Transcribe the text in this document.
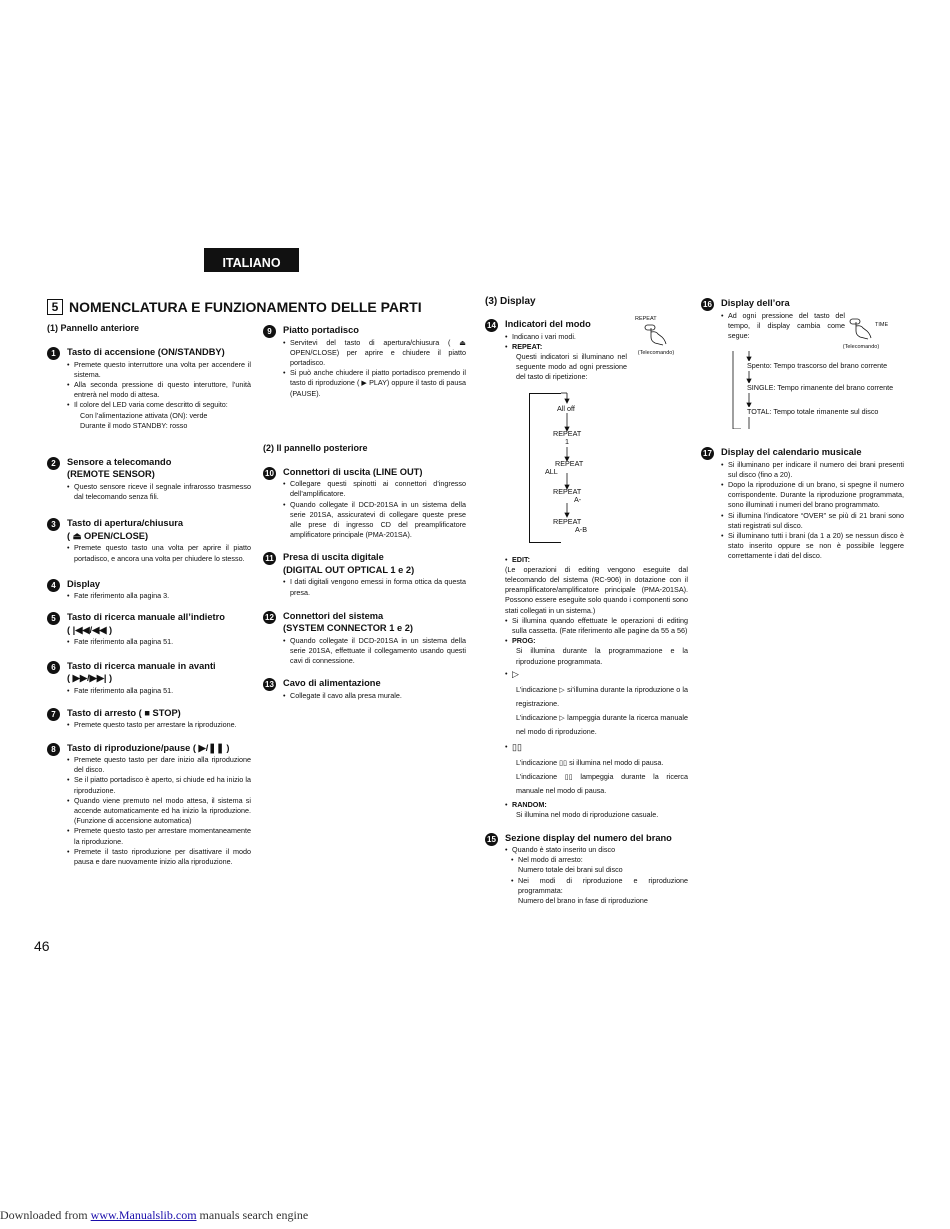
ITALIANO
5 NOMENCLATURA E FUNZIONAMENTO DELLE PARTI
(1) Pannello anteriore
1	Tasto di accensione (ON/STANDBY)
• Premete questo interruttore una volta per accendere il sistema.
• Alla seconda pressione di questo interuttore, l’unità entrerà nel modo di attesa.
• Il colore del LED varia come descritto di seguito:
Con l’alimentazione attivata (ON): verde
Durante il modo STANDBY: rosso
2	Sensore a telecomando
(REMOTE SENSOR)
• Questo sensore riceve il segnale infrarosso trasmesso dal telecomando senza fili.
3	Tasto di apertura/chiusura
( ⏏ OPEN/CLOSE)
• Premete questo tasto una volta per aprire il piatto portadisco, e ancora una volta per chiudere lo stesso.
4	Display
• Fate riferimento alla pagina 3.
5	Tasto di ricerca manuale all’indietro
( |◀◀/◀◀ )
• Fate riferimento alla pagina 51.
6	Tasto di ricerca manuale in avanti
( ▶▶/▶▶| )
• Fate riferimento alla pagina 51.
7	Tasto di arresto ( ■ STOP)
• Premete questo tasto per arrestare la riproduzione.
8	Tasto di riproduzione/pause ( ▶/❚❚ )
• Premete questo tasto per dare inizio alla riproduzione del disco.
• Se il piatto portadisco è aperto, si chiude ed ha inizio la riproduzione.
• Quando viene premuto nel modo attesa, il sistema si accende automaticamente ed ha inizio la riproduzione. (Funzione di accensione automatica)
• Premete questo tasto per arrestare momentaneamente la riproduzione.
• Premete il tasto riproduzione per disattivare il modo pausa e dare nuovamente inizio alla riproduzione.
9	Piatto portadisco
• Servitevi del tasto di apertura/chiusura ( ⏏ OPEN/CLOSE) per aprire e chiudere il piatto portadisco.
• Si può anche chiudere il piatto portadisco premendo il tasto di riproduzione ( ▶ PLAY) oppure il tasto di pausa (PAUSE).
(2) Il pannello posteriore
10 Connettori di uscita (LINE OUT)
• Collegare questi spinotti ai connettori d’ingresso dell’amplificatore.
• Quando collegate il DCD-201SA in un sistema della serie 201SA, assicuratevi di collegare queste prese alle prese di ingresso CD del preamplificatore amplificatore principale (PMA-201SA).
11 Presa di uscita digitale
(DIGITAL OUT OPTICAL 1 e 2)
• I dati digitali vengono emessi in forma ottica da questa presa.
12 Connettori del sistema
(SYSTEM CONNECTOR 1 e 2)
• Quando collegate il DCD-201SA in un sistema della serie 201SA, effettuate il collegamento usando questi cavi di connessione.
13 Cavo di alimentazione
• Collegate il cavo alla presa murale.
(3) Display
14 Indicatori del modo	REPEAT
(Telecomando)
• Indicano i vari modi.
• REPEAT:
Questi indicatori si illuminano nel seguente modo ad ogni pressione del tasto di ripetizione:
All off
REPEAT
1
REPEAT
ALL
REPEAT
A-
REPEAT
A-B
• EDIT:
(Le operazioni di editing vengono eseguite dal telecomando del sistema (RC-906) in dotazione con il preamplificatore/amplificatore principale (PMA-201SA). Possono essere eseguite solo quando i componenti sono stati collegati in un sistema.)
• Si illumina quando effettuate le operazioni di editing sulla cassetta. (Fate riferimento alle pagine da 55 a 56)
• PROG:
Si illumina durante la programmazione e la riproduzione programmata.
• ▷
L’indicazione ▷ si’illumina durante la riproduzione o la registrazione.
L’indicazione ▷ lampeggia durante la ricerca manuale nel modo di riproduzione.
• ▯▯
L’indicazione ▯▯ si illumina nel modo di pausa.
L’indicazione ▯▯ lampeggia durante la ricerca manuale nel modo di pausa.
• RANDOM:
Si illumina nel modo di riproduzione casuale.
15 Sezione display del numero del brano
• Quando è stato inserito un disco
• Nel modo di arresto:
Numero totale dei brani sul disco
• Nei modi di riproduzione e riproduzione programmata:
Numero del brano in fase di riproduzione
16 Display dell’ora
TIME
(Telecomando)
• Ad ogni pressione del tasto del tempo, il display cambia come segue:
Spento: Tempo trascorso del brano corrente
SINGLE: Tempo rimanente del brano corrente
TOTAL: Tempo totale rimanente sul disco
17 Display del calendario musicale
• Si illuminano per indicare il numero dei brani presenti sul disco (fino a 20).
• Dopo la riproduzione di un brano, si spegne il numero corrispondente. Durante la riproduzione programmata, sono illuminati i numeri del brano programmato.
• Si illumina l’indicatore “OVER” se più di 21 brani sono stati registrati sul disco.
• Si illuminano tutti i brani (da 1 a 20) se nessun disco è stato inserito oppure se non è possibile leggere correttamente i dati del disco.
46
Downloaded from www.Manualslib.com manuals search engine
